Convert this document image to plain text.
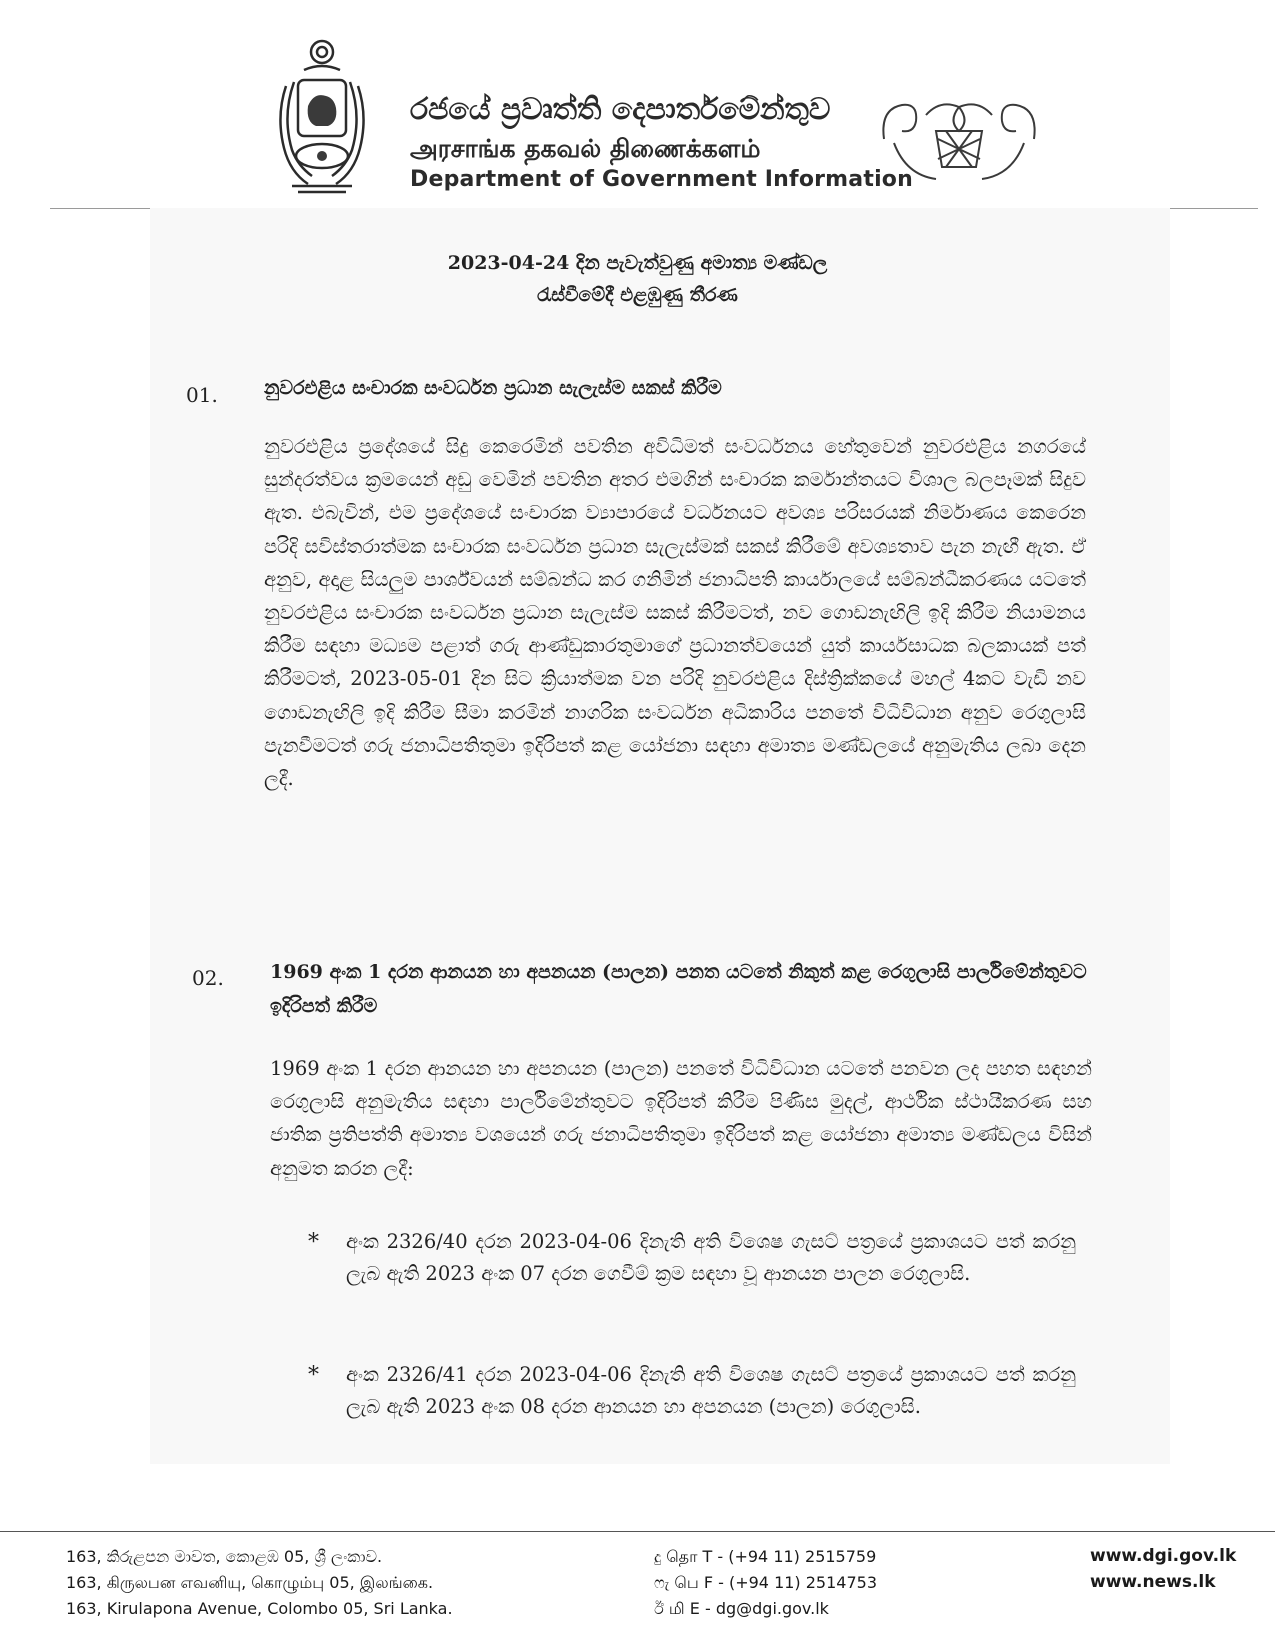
රජයේ ප්‍රවෘත්ති දෙපාර්තමේන්තුව
அரசாங்க தகவல் திணைக்களம்
Department of Government Information
2023-04-24 දින පැවැත්වුණු අමාත්‍ය මණ්ඩල
රැස්වීමේදී එළඹුණු තීරණ
01. නුවරඑළිය සංචාරක සංවර්ධන ප්‍රධාන සැලැස්ම සකස් කිරීම
නුවරඑළිය ප්‍රදේශයේ සිදු කෙරෙමින් පවතින අවිධිමත් සංවර්ධනය හේතුවෙන් නුවරඑළිය නගරයේ සුන්දරත්වය ක්‍රමයෙන් අඩු වෙමින් පවතින අතර එමගින් සංචාරක කර්මාන්තයට විශාල බලපෑමක් සිදුව ඇත. එබැවින්, එම ප්‍රදේශයේ සංචාරක ව්‍යාපාරයේ වර්ධනයට අවශ්‍ය පරිසරයක් නිර්මාණය කෙරෙන පරිදි සවිස්තරාත්මක සංචාරක සංවර්ධන ප්‍රධාන සැලැස්මක් සකස් කිරීමේ අවශ්‍යතාව පැන නැඟී ඇත. ඒ අනුව, අදාළ සියලුම පාර්ශ්වයන් සම්බන්ධ කර ගනිමින් ජනාධිපති කාර්යාලයේ සම්බන්ධීකරණය යටතේ නුවරඑළිය සංචාරක සංවර්ධන ප්‍රධාන සැලැස්ම සකස් කිරීමටත්, නව ගොඩනැඟිලි ඉදි කිරීම නියාමනය කිරීම සඳහා මධ්‍යම පළාත් ගරු ආණ්ඩුකාරතුමාගේ ප්‍රධානත්වයෙන් යුත් කාර්යසාධක බලකායක් පත් කිරීමටත්, 2023-05-01 දින සිට ක්‍රියාත්මක වන පරිදි නුවරඑළිය දිස්ත්‍රික්කයේ මහල් 4කට වැඩි නව ගොඩනැඟිලි ඉදි කිරීම සීමා කරමින් නාගරික සංවර්ධන අධිකාරිය පනතේ විධිවිධාන අනුව රෙගුලාසි පැනවීමටත් ගරු ජනාධිපතිතුමා ඉදිරිපත් කළ යෝජනා සඳහා අමාත්‍ය මණ්ඩලයේ අනුමැතිය ලබා දෙන ලදී.
02. 1969 අංක 1 දරන ආනයන හා අපනයන (පාලන) පනත යටතේ නිකුත් කළ රෙගුලාසි පාර්ලිමේන්තුවට ඉදිරිපත් කිරීම
1969 අංක 1 දරන ආනයන හා අපනයන (පාලන) පනතේ විධිවිධාන යටතේ පනවන ලද පහත සඳහන් රෙගුලාසි අනුමැතිය සඳහා පාර්ලිමේන්තුවට ඉදිරිපත් කිරීම පිණිස මුදල්, ආර්ථික ස්ථායීකරණ සහ ජාතික ප්‍රතිපත්ති අමාත්‍ය වශයෙන් ගරු ජනාධිපතිතුමා ඉදිරිපත් කළ යෝජනා අමාත්‍ය මණ්ඩලය විසින් අනුමත කරන ලදී:
* අංක 2326/40 දරන 2023-04-06 දිනැති අති විශෙෂ ගැසට් පත්‍රයේ ප්‍රකාශයට පත් කරනු ලැබ ඇති 2023 අංක 07 දරන ගෙවීම් ක්‍රම සඳහා වූ ආනයන පාලන රෙගුලාසි.
* අංක 2326/41 දරන 2023-04-06 දිනැති අති විශෙෂ ගැසට් පත්‍රයේ ප්‍රකාශයට පත් කරනු ලැබ ඇති 2023 අංක 08 දරන ආනයන හා අපනයන (පාලන) රෙගුලාසි.
163, කිරුළපන මාවත, කොළඹ 05, ශ්‍රී ලංකාව.
163, கிருலபன எவனியு, கொழும்பு 05, இலங்கை.
163, Kirulapona Avenue, Colombo 05, Sri Lanka.
දු தொ T - (+94 11) 2515759
ෆැ பெ F - (+94 11) 2514753
ඊ மி E - dg@dgi.gov.lk
www.dgi.gov.lk
www.news.lk
